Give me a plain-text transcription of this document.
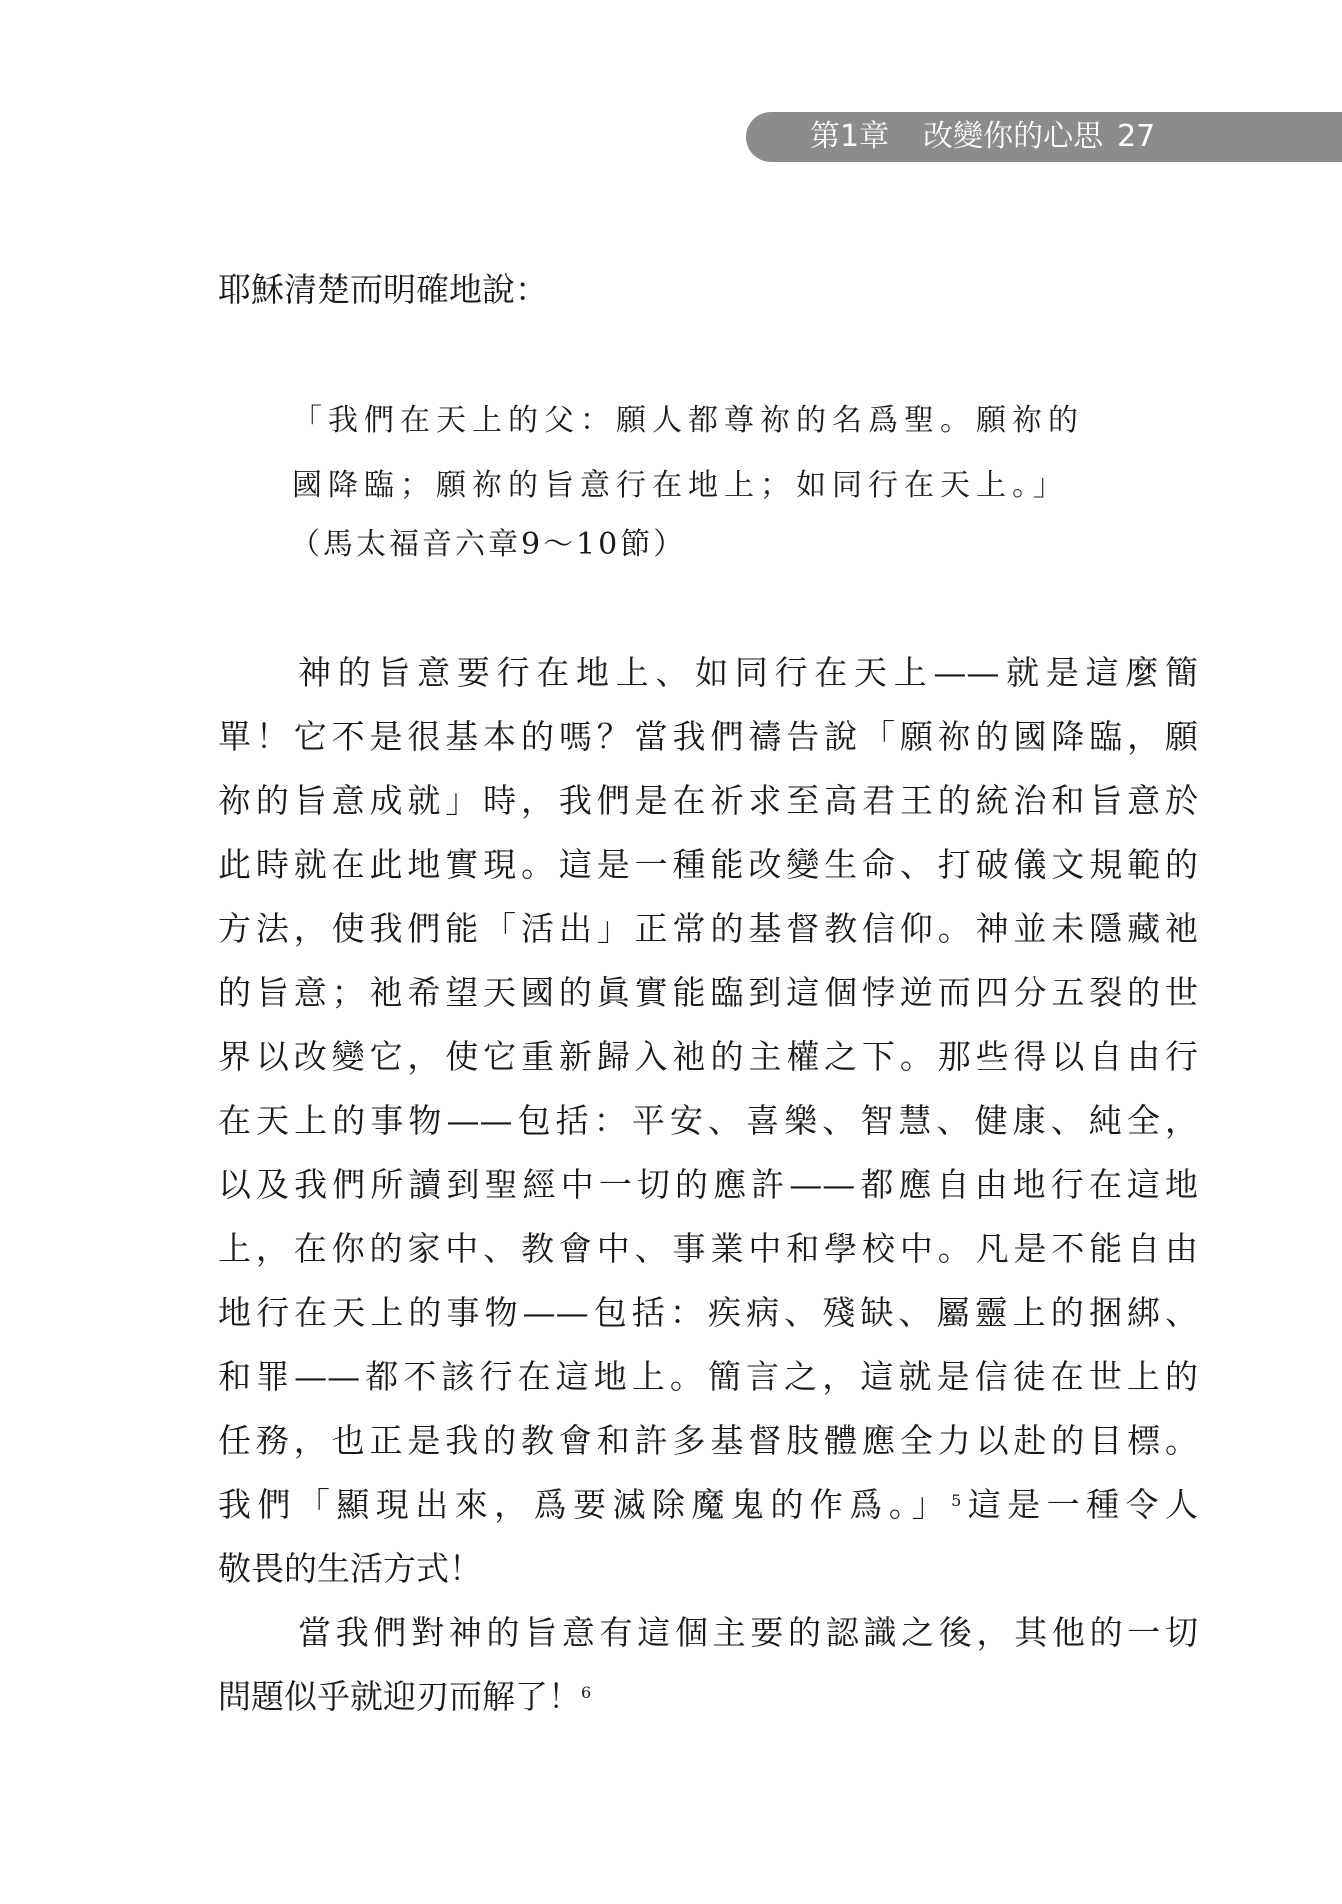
第1章 改變你的心思 27

耶穌清楚而明確地說：

「我們在天上的父：願人都尊祢的名爲聖。願祢的
國降臨；願祢的旨意行在地上；如同行在天上。」

（馬太福音六章9～10節）

神的旨意要行在地上、如同行在天上——就是這麼簡
單！它不是很基本的嗎？當我們禱告說「願祢的國降臨，願
祢的旨意成就」時，我們是在祈求至高君王的統治和旨意於
此時就在此地實現。這是一種能改變生命、打破儀文規範的
方法，使我們能「活出」正常的基督教信仰。神並未隱藏祂
的旨意；祂希望天國的眞實能臨到這個悖逆而四分五裂的世
界以改變它，使它重新歸入祂的主權之下。那些得以自由行
在天上的事物——包括：平安、喜樂、智慧、健康、純全，
以及我們所讀到聖經中一切的應許——都應自由地行在這地
上，在你的家中、教會中、事業中和學校中。凡是不能自由
地行在天上的事物——包括：疾病、殘缺、屬靈上的捆綁、
和罪——都不該行在這地上。簡言之，這就是信徒在世上的
任務，也正是我的教會和許多基督肢體應全力以赴的目標。
我們「顯現出來，爲要滅除魔鬼的作爲。」$^5$這是一種令人
敬畏的生活方式！
當我們對神的旨意有這個主要的認識之後，其他的一切
問題似乎就迎刃而解了！$^6$
